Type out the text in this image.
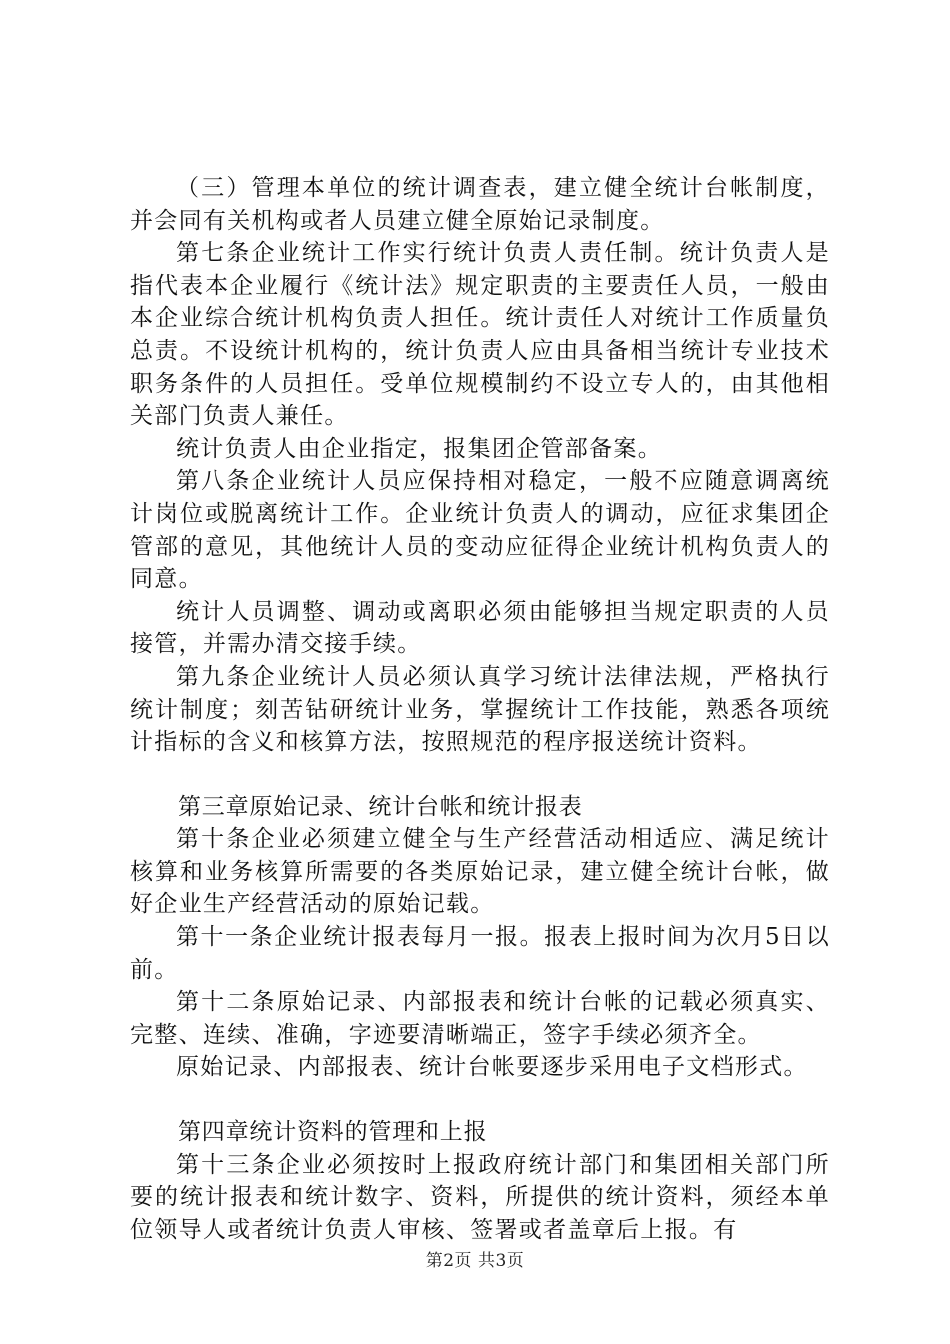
（三）管理本单位的统计调查表，建立健全统计台帐制度，并会同有关机构或者人员建立健全原始记录制度。

第七条企业统计工作实行统计负责人责任制。统计负责人是指代表本企业履行《统计法》规定职责的主要责任人员，一般由本企业综合统计机构负责人担任。统计责任人对统计工作质量负总责。不设统计机构的，统计负责人应由具备相当统计专业技术职务条件的人员担任。受单位规模制约不设立专人的，由其他相关部门负责人兼任。

统计负责人由企业指定，报集团企管部备案。

第八条企业统计人员应保持相对稳定，一般不应随意调离统计岗位或脱离统计工作。企业统计负责人的调动，应征求集团企管部的意见，其他统计人员的变动应征得企业统计机构负责人的同意。

统计人员调整、调动或离职必须由能够担当规定职责的人员接管，并需办清交接手续。

第九条企业统计人员必须认真学习统计法律法规，严格执行统计制度；刻苦钻研统计业务，掌握统计工作技能，熟悉各项统计指标的含义和核算方法，按照规范的程序报送统计资料。

第三章原始记录、统计台帐和统计报表

第十条企业必须建立健全与生产经营活动相适应、满足统计核算和业务核算所需要的各类原始记录，建立健全统计台帐，做好企业生产经营活动的原始记载。

第十一条企业统计报表每月一报。报表上报时间为次月5日以前。

第十二条原始记录、内部报表和统计台帐的记载必须真实、完整、连续、准确，字迹要清晰端正，签字手续必须齐全。

原始记录、内部报表、统计台帐要逐步采用电子文档形式。

第四章统计资料的管理和上报

第十三条企业必须按时上报政府统计部门和集团相关部门所要的统计报表和统计数字、资料，所提供的统计资料，须经本单位领导人或者统计负责人审核、签署或者盖章后上报。有

第2页 共3页
